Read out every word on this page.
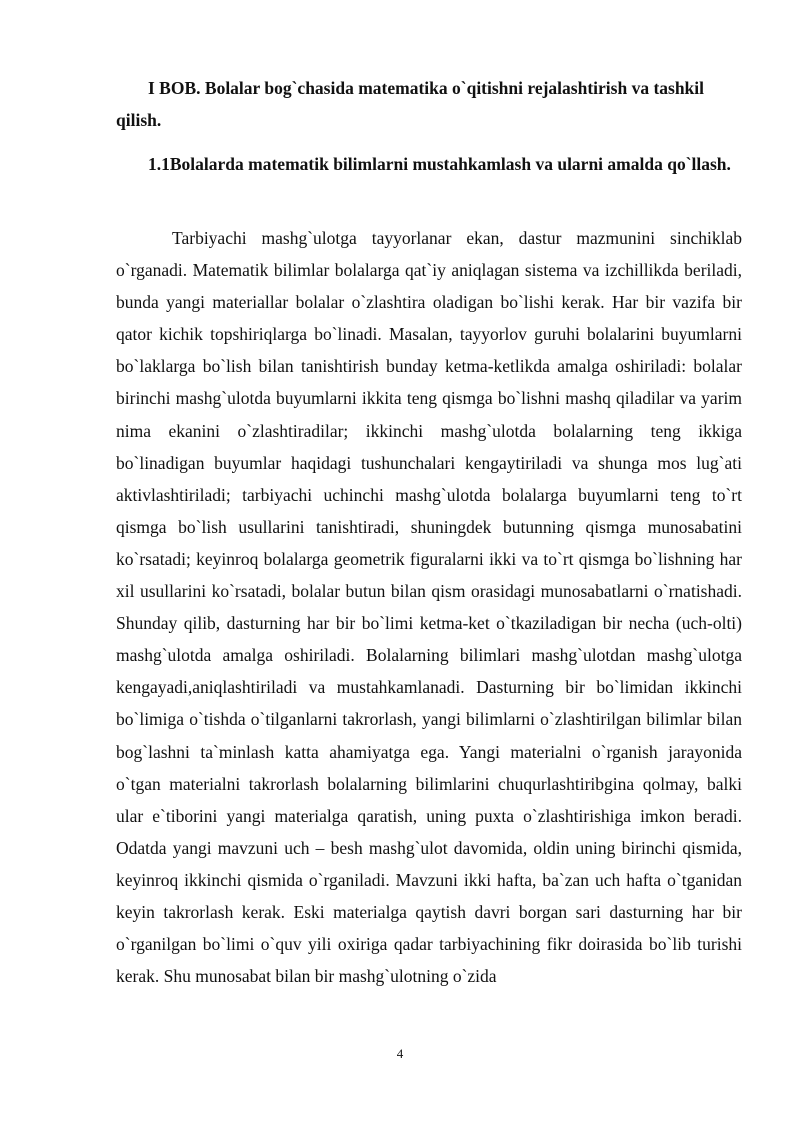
I BOB. Bolalar bog`chasida matematika o`qitishni rejalashtirish va tashkil qilish.

1.1Bolalarda matematik bilimlarni mustahkamlash va ularni amalda qo`llash.

Tarbiyachi mashg`ulotga tayyorlanar ekan, dastur mazmunini sinchiklab o`rganadi. Matematik bilimlar bolalarga qat`iy aniqlagan sistema va izchillikda beriladi, bunda yangi materiallar bolalar o`zlashtira oladigan bo`lishi kerak. Har bir vazifa bir qator kichik topshiriqlarga bo`linadi. Masalan, tayyorlov guruhi bolalarini buyumlarni bo`laklarga bo`lish bilan tanishtirish bunday ketma-ketlikda amalga oshiriladi: bolalar birinchi mashg`ulotda buyumlarni ikkita teng qismga bo`lishni mashq qiladilar va yarim nima ekanini o`zlashtiradilar; ikkinchi mashg`ulotda bolalarning teng ikkiga bo`linadigan buyumlar haqidagi tushunchalari kengaytiriladi va shunga mos lug`ati aktivlashtiriladi; tarbiyachi uchinchi mashg`ulotda bolalarga buyumlarni teng to`rt qismga bo`lish usullarini tanishtiradi, shuningdek butunning qismga munosabatini ko`rsatadi; keyinroq bolalarga geometrik figuralarni ikki va to`rt qismga bo`lishning har xil usullarini ko`rsatadi, bolalar butun bilan qism orasidagi munosabatlarni o`rnatishadi. Shunday qilib, dasturning har bir bo`limi ketma-ket o`tkaziladigan bir necha (uch-olti) mashg`ulotda amalga oshiriladi. Bolalarning bilimlari mashg`ulotdan mashg`ulotga kengayadi,aniqlashtiriladi va mustahkamlanadi. Dasturning bir bo`limidan ikkinchi bo`limiga o`tishda o`tilganlarni takrorlash, yangi bilimlarni o`zlashtirilgan bilimlar bilan bog`lashni ta`minlash katta ahamiyatga ega. Yangi materialni o`rganish jarayonida o`tgan materialni takrorlash bolalarning bilimlarini chuqurlashtiribgina qolmay, balki ular e`tiborini yangi materialga qaratish, uning puxta o`zlashtirishiga imkon beradi. Odatda yangi mavzuni uch – besh mashg`ulot davomida, oldin uning birinchi qismida, keyinroq ikkinchi qismida o`rganiladi. Mavzuni ikki hafta, ba`zan uch hafta o`tganidan keyin takrorlash kerak. Eski materialga qaytish davri borgan sari dasturning har bir o`rganilgan bo`limi o`quv yili oxiriga qadar tarbiyachining fikr doirasida bo`lib turishi kerak. Shu munosabat bilan bir mashg`ulotning o`zida

4
